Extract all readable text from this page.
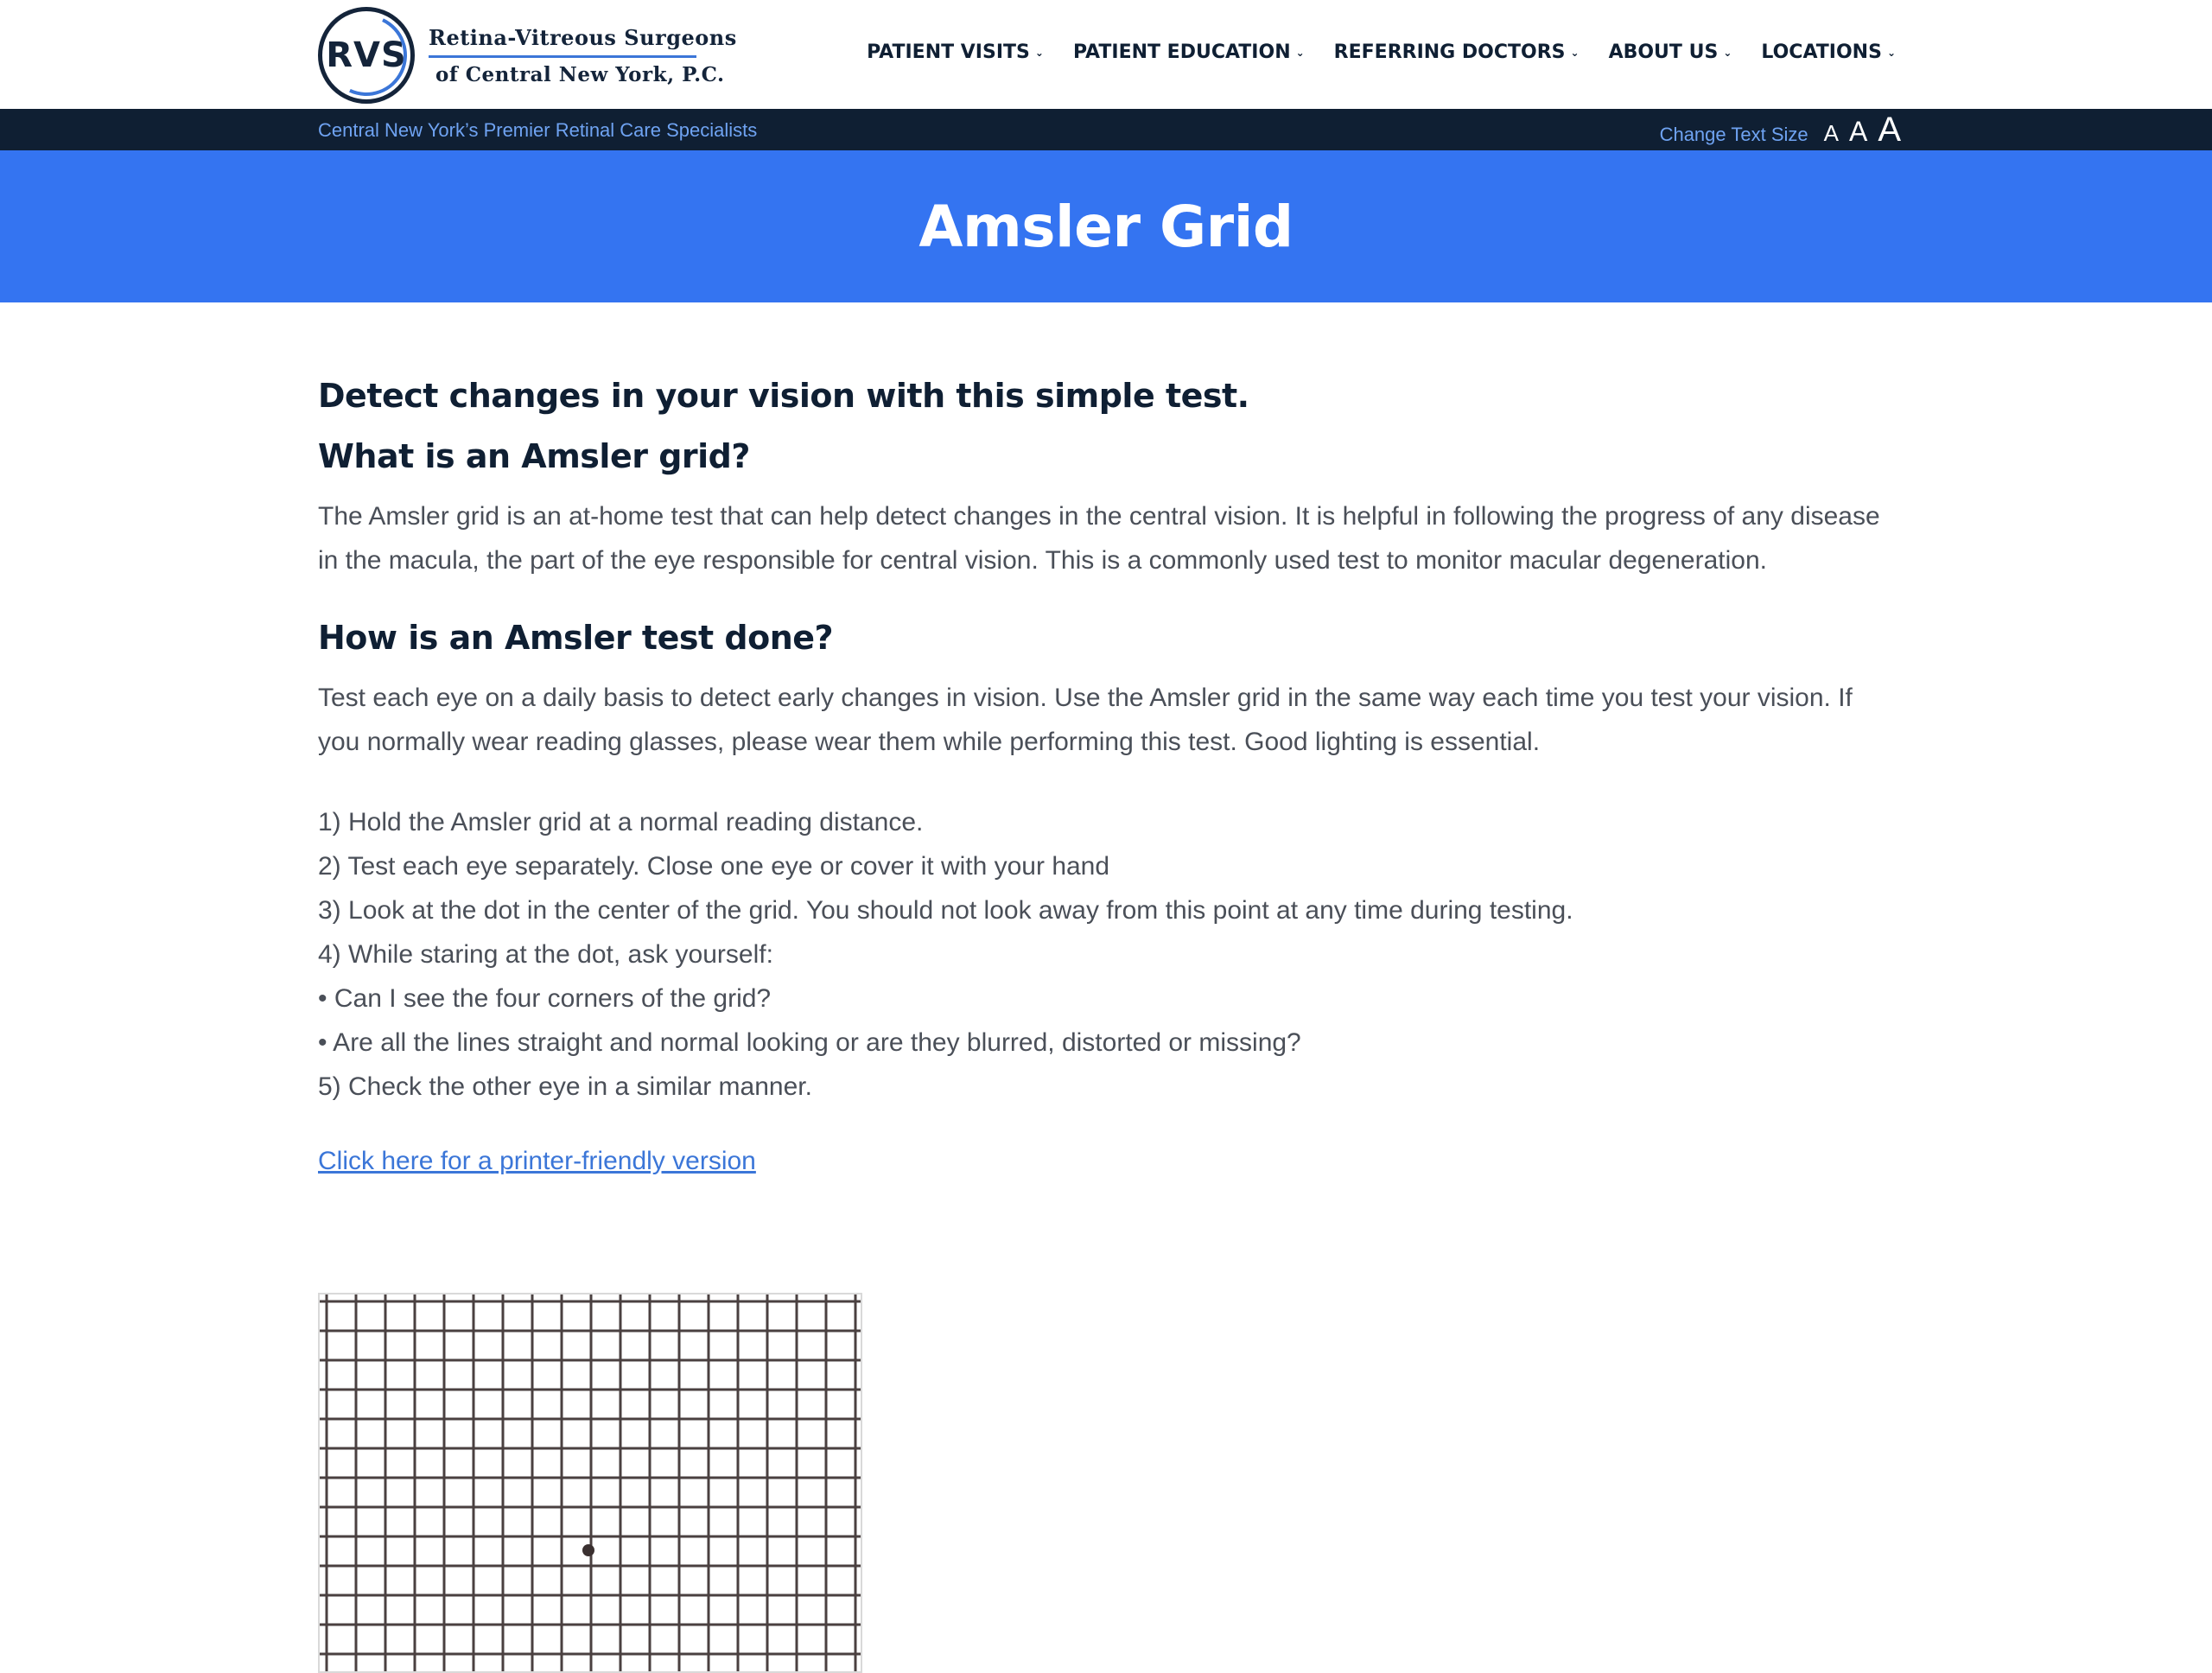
RVS Retina-Vitreous Surgeons
of Central New York, P.C.
PATIENT VISITS ⌄ PATIENT EDUCATION ⌄ REFERRING DOCTORS ⌄ ABOUT US ⌄ LOCATIONS ⌄
Central New York’s Premier Retinal Care Specialists	Change Text Size A A A
Amsler Grid
Detect changes in your vision with this simple test.
What is an Amsler grid?

The Amsler grid is an at-home test that can help detect changes in the central vision. It is helpful in following the progress of any disease in the macula, the part of the eye responsible for central vision. This is a commonly used test to monitor macular degeneration.

How is an Amsler test done?

Test each eye on a daily basis to detect early changes in vision. Use the Amsler grid in the same way each time you test your vision. If you normally wear reading glasses, please wear them while performing this test. Good lighting is essential.

1) Hold the Amsler grid at a normal reading distance.
2) Test each eye separately. Close one eye or cover it with your hand
3) Look at the dot in the center of the grid. You should not look away from this point at any time during testing.
4) While staring at the dot, ask yourself:
• Can I see the four corners of the grid?
• Are all the lines straight and normal looking or are they blurred, distorted or missing?
5) Check the other eye in a similar manner.
Click here for a printer-friendly version
